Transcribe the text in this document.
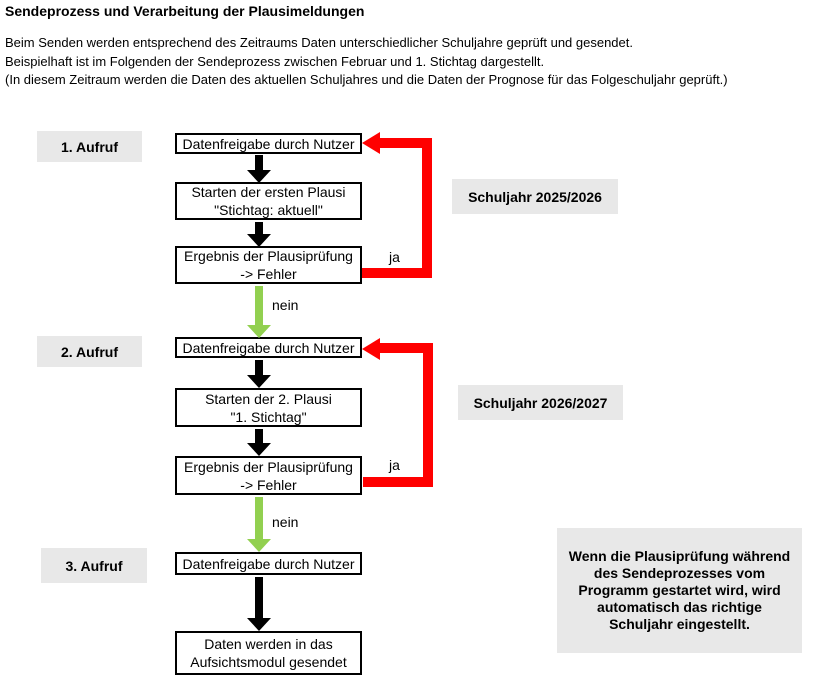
Sendeprozess und Verarbeitung der Plausimeldungen
Beim Senden werden entsprechend des Zeitraums Daten unterschiedlicher Schuljahre geprüft und gesendet.
Beispielhaft ist im Folgenden der Sendeprozess zwischen Februar und 1. Stichtag dargestellt.
(In diesem Zeitraum werden die Daten des aktuellen Schuljahres und die Daten der Prognose für das Folgeschuljahr geprüft.)
1. Aufruf
2. Aufruf
3. Aufruf
Datenfreigabe durch Nutzer
Starten der ersten Plausi
"Stichtag: aktuell"
Ergebnis der Plausiprüfung
-> Fehler
Datenfreigabe durch Nutzer
Starten der 2. Plausi
"1. Stichtag"
Ergebnis der Plausiprüfung
-> Fehler
Datenfreigabe durch Nutzer
Daten werden in das
Aufsichtsmodul gesendet
nein
nein
ja
ja
Schuljahr 2025/2026
Schuljahr 2026/2027
Wenn die Plausiprüfung während
des Sendeprozesses vom
Programm gestartet wird, wird
automatisch das richtige
Schuljahr eingestellt.
